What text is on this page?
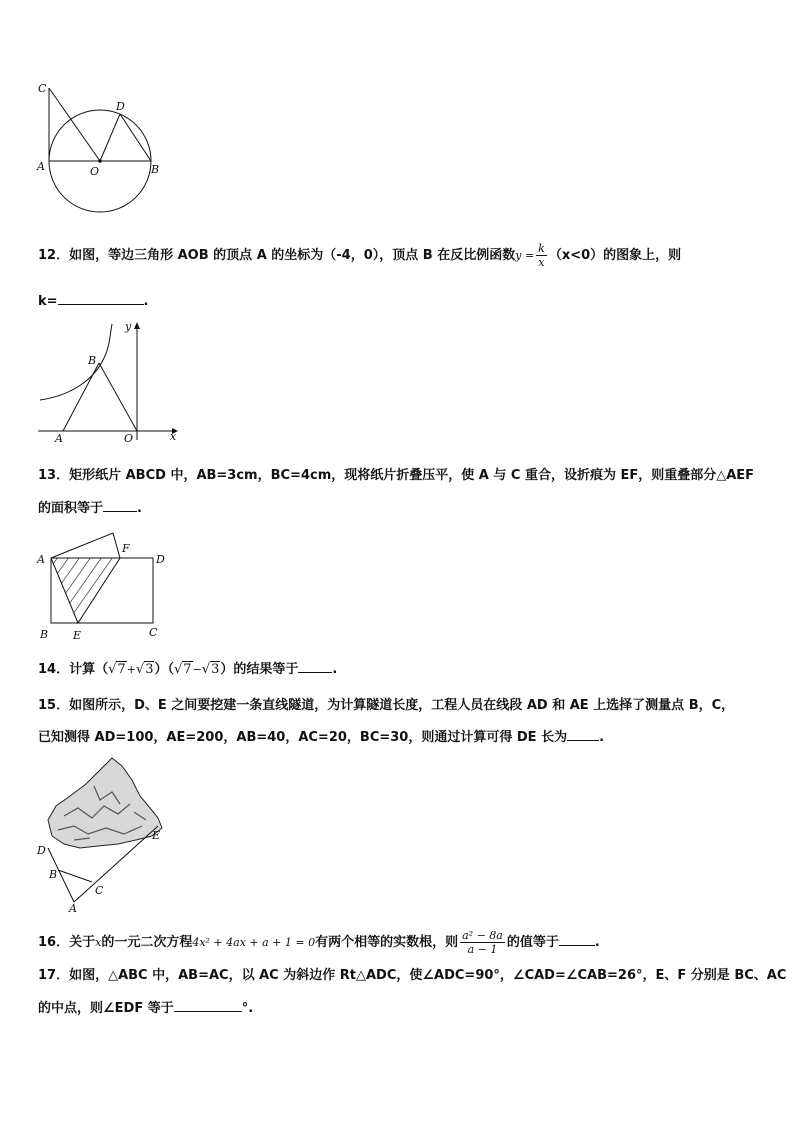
C
D
A	O	B
12．如图，等边三角形 AOB 的顶点 A 的坐标为（-4，0），顶点 B 在反比例函数$y = \frac{k}{x} (x<0)$的图象上，则
k=	.
y
B
A	O	x
13．矩形纸片 ABCD 中，AB=3cm，BC=4cm，现将纸片折叠压平，使 A 与 C 重合，设折痕为 EF，则重叠部分△AEF
的面积等于	.
A
F
D
B E	C
14．计算（√7+√3）（√7−√3）的结果等于	.
15．如图所示，D、E 之间要挖建一条直线隧道，为计算隧道长度，工程人员在线段 AD 和 AE 上选择了测量点 B，C，
已知测得 AD=100，AE=200，AB=40，AC=20，BC=30，则通过计算可得 DE 长为 .
E
D
B
C
A
16．关于x的一元二次方程4x² + 4ax + a + 1 = 0有两个相等的实数根，则 $\frac{\text{a² − 8a}}{a - 1}$ 的值等于	.
17．如图，△ABC 中，AB=AC，以 AC 为斜边作 Rt△ADC，使∠ADC=90°，∠CAD=∠CAB=26°，E、F 分别是 BC、AC
的中点，则∠EDF 等于	°.
